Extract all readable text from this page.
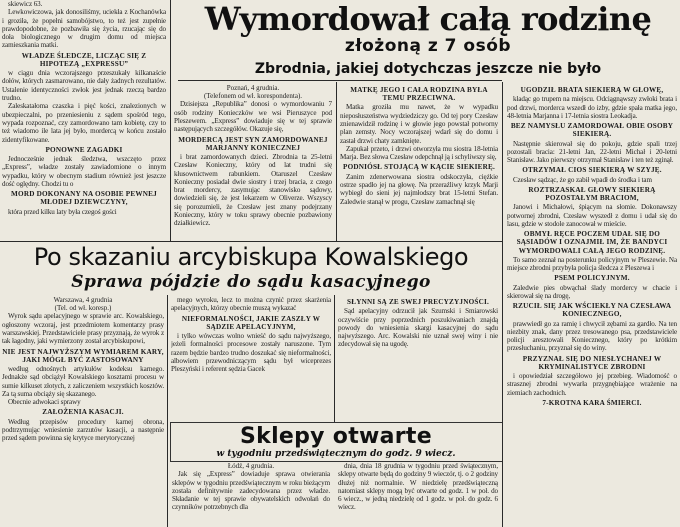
Wymordował całą rodzinę
złożoną z 7 osób
Zbrodnia, jakiej dotychczas jeszcze nie było
Po skazaniu arcybiskupa Kowalskiego
Sprawa pójdzie do sądu kasacyjnego
Sklepy otwarte
w tygodniu przedświątecznym do godz. 9 wiecz.

skiewicz 63.

Lewkowiczowa, jak donosiliśmy, uciekła z Kochanówka i groziła, że popełni samobójstwo, to też jest zupełnie prawdopodobne, że pozbawiła się życia, rzucając się do doła biologicznego w drugim domu od miejsca zamieszkania matki.

WŁADZE ŚLEDCZE, LICZĄC SIĘ Z HIPOTEZĄ „EXPRESSU”

w ciągu dnia wczorajszego przeszukały kilkanaście dołów, których zasmarowano, nie dały żadnych rezultatów. Ustalenie identyczności zwłok jest jednak rzeczą bardzo trudno.

Zaleskatałoma czaszka i pięć kości, znalezionych w ubezpieczalni, po przeniesieniu z sądem spośród tego, wypada rozpoznać, czy zamordowano tam kobietę, czy to też wiadomo ile lata jej było, mordercą w końcu zostało zidentyfikowane.

PONOWNE ZAGADKI

Jednocześnie jednak śledztwa, wszczęto przez „Express”, władze zostały zawiadomione o innym wypadku, który w obecnym stadium również jest jeszcze dość oględny. Chodzi tu o

MORD DOKONANY NA OSOBIE PEWNEJ MŁODEJ DZIEWCZYNY,

która przed kilku laty była czegoś gości

Poznań, 4 grudnia.

(Telefonem od wł. korespondenta).

Dzisiejsza „Republika” donosi o wymordowaniu 7 osób rodziny Konieczków we wsi Pieruszyce pod Pleszewem. „Express” dowiaduje się w tej sprawie następujących szczegółów. Okazuje się,

MORDERCĄ JEST SYN ZAMORDOWANEJ MARJANNY KONIECZNEJ

i brat zamordowanych dzieci. Zbrodnia ta 25-letni Czesław Konieczny, który od lat trudni się kłusownictwem rabunkiem. Otaruszel Czesław Konieczny posiadał dwie siostry i trzej bracia, z czego brat mordercy, zasymując stanowisko sądowy, dowiedzieli się, że jest lekarzem w Oliverze. Wszyscy się porozumieli, że Czesław jest znany podejrzany Konieczny, który w toku sprawy obecnie pozbawiony działkiewicz.

MATKĘ JEGO I CAŁA RODZINA BYŁA TEMU PRZECIWNA.

Matka groziła mu nawet, że w wypadku nieposłuszeństwa wydziedziczy go. Od tej pory Czesław znienawidził rodzinę i w głowie jego powstał potworny plan zemsty. Nocy wczorajszej wdarł się do domu i zastał drzwi chaty zamknięte.

Zapukał przeto, i drzwi otworzyła mu siostra 18-letnia Marja. Bez słowa Czesław odepchnął ją i schyliwszy się,

PODNIÓSŁ STOJĄCĄ W KĄCIE SIEKIERĘ.

Zanim zdenerwowana siostra odskoczyła, ciężkie ostrze spadło jej na głowę. Na przeraźliwy krzyk Marji wybiegł do sieni jej najmłodszy brat 15-letni Stefan. Zaledwie stanął w progu, Czesław zamachnął się

UGODZIŁ BRATA SIEKIERĄ W GŁOWĘ,

kładąc go trupem na miejscu. Odciągnąwszy zwłoki brata i pod drzwi, morderca wszedł do izby, gdzie spała matka jego, 48-letnia Marjanna i 17-letnia siostra Leokadja.

BEZ NAMYSŁU ZAMORDOWAŁ OBIE OSOBY SIEKIERĄ.

Następnie skierował się do pokoju, gdzie spali trzej pozostali bracia: 21-letni Jan, 22-letni Michał i 20-letni Stanisław. Jako pierwszy otrzymał Stanisław i ten też zginął.

OTRZYMAŁ CIOS SIEKIERĄ W SZYJĘ.

Czesław sądząc, że go zabił wpadł do środka i tam

ROZTRZASKAŁ GŁOWY SIEKIERĄ POZOSTAŁYM BRACIOM,

Janowi i Michałowi, śpiącym na słomie. Dokonawszy potwornej zbrodni, Czesław wyszedł z domu i udał się do lasu, gdzie w stodole zanocował w mieście.

OBMYŁ RĘCE POCZEM UDAŁ SIĘ DO SĄSIADÓW I OZNAJMIŁ IM, ŻE BANDYCI WYMORDOWALI CAŁĄ JEGO RODZINĘ.

To samo zeznał na posterunku policyjnym w Pleszewie. Na miejsce zbrodni przybyła policja śledcza z Pleszewa i

PSEM POLICYJNYM.

Zaledwie pies obwąchał ślady mordercy w chacie i skierował się na drogę,

RZUCIŁ SIĘ JAK WŚCIEKŁY NA CZESŁAWA KONIECZNEGO,

prawwiedł go za ramię i chwycił zębami za gardło. Na ten niezbity znak, dany przez tresowanego psa, przedstawiciele policji aresztowali Koniecznego, który po krótkim przesłuchaniu, przyznał się do winy.

PRZYZNAŁ SIĘ DO NIESŁYCHANEJ W KRYMINALISTYCE ZBRODNI

i opowiedział szczegółowo jej przebieg. Wiadomość o strasznej zbrodni wywarła przygnębiające wrażenie na ziemiach zachodnich.

7-KROTNA KARA ŚMIERCI.

Warszawa, 4 grudnia

(Tel. od wł. koresp.)

Wyrok sądu apelacyjnego w sprawie arc. Kowalskiego, ogłoszony wczoraj, jest przedmiotem komentarzy prasy warszawskiej. Przedstawiciele prasy przyznają, że wyrok z tak łagodny, jaki wymierzony został arcybiskupowi,

NIE JEST NAJWYŻSZYM WYMIAREM KARY, JAKI MÓGŁ BYĆ ZASTOSOWANY

według odnośnych artykułów kodeksu karnego. Jednakże sąd obciążył Kowalskiego kosztami procesu w sumie kilkuset złotych, z zaliczeniem wszystkich kosztów. Za tą suma obciąży się skazanego.

Obecnie adwokaci sprawy

ZAŁOŻENIA KASACJI.

Według przepisów procedury karnej obrona, podtrzymując wniesienie zarzutów kasacji, a następnie przed sądem powinna się krytyce merytorycznej

mego wyroku, lecz to można czynić przez skarżenia apelacyjnych, którzy obecnie muszą wykazać

NIEFORMALNOŚCI, JAKIE ZASZŁY W SĄDZIE APELACYJNYM,

i tylko wówczas wolno wnieść do sądu najwyższego, jeżeli formalności procesowe zostały naruszone. Tym razem będzie bardzo trudno doszukać się nieformalności, albowiem przewodniczącym sądu był wiceprezes Pleszyński i referent sędzia Gacek

SŁYNNI SĄ ZE SWEJ PRECYZYJNOŚCI.

Sąd apelacyjny odrzucił jak Szumski i Smiarowski oczywiście przy poprzednich poszukiwaniach znajdą powody do wniesienia skargi kasacyjnej do sądu najwyższego. Arc. Kowalski nie uznał swej winy i nie zdecydował się na ugodę.

Łódź, 4 grudnia.

Jak się „Express” dowiaduje sprawa otwierania sklepów w tygodniu przedświątecznym w roku bieżącym została definitywnie zadecydowana przez władze. Składanie w tej sprawie obywatelskich odwołań do czynników potrzebnych dla

dnia, dnia 18 grudnia w tygodniu przed świątecznym, sklepy otwarte będą do godziny 9 wieczór, tj. o 2 godziny dłużej niż normalnie. W niedzielę przedświąteczną natomiast sklepy mogą być otwarte od godz. 1 w poł. do 6 wiecz., w jedną niedzielę od 1 godz. w poł. do godz. 6 wiecz.
